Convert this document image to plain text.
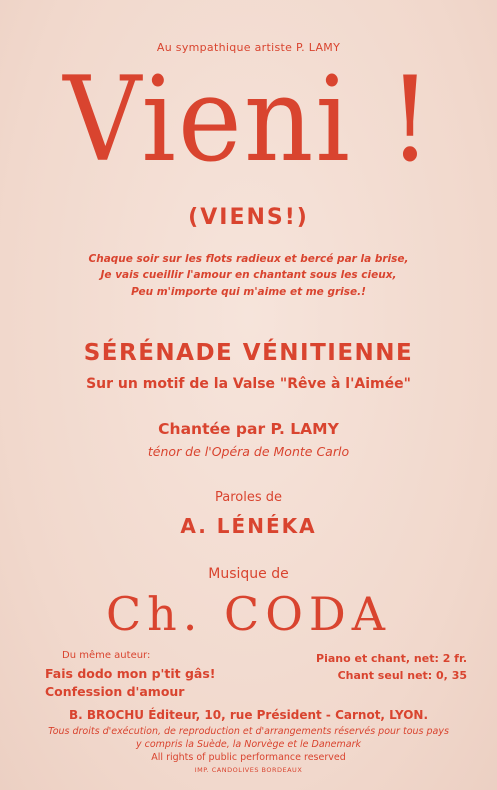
Au sympathique artiste P. LAMY
Vieni !
(VIENS!)
Chaque soir sur les flots radieux et bercé par la brise,
Je vais cueillir l'amour en chantant sous les cieux,
Peu m'importe qui m'aime et me grise.!
SÉRÉNADE VÉNITIENNE
Sur un motif de la Valse "Rêve à l'Aimée"
Chantée par P. LAMY
ténor de l'Opéra de Monte Carlo
Paroles de
A. LÉNÉKA
Musique de
Ch. CODA
Du même auteur:
Fais dodo mon p'tit gâs!
Confession d'amour
Piano et chant, net: 2 fr.
Chant seul net: 0, 35
B. BROCHU Éditeur, 10, rue Président - Carnot, LYON.
Tous droits d'exécution, de reproduction et d'arrangements réservés pour tous pays
y compris la Suède, la Norvège et le Danemark
All rights of public performance reserved
IMP. CANDOLIVES BORDEAUX
